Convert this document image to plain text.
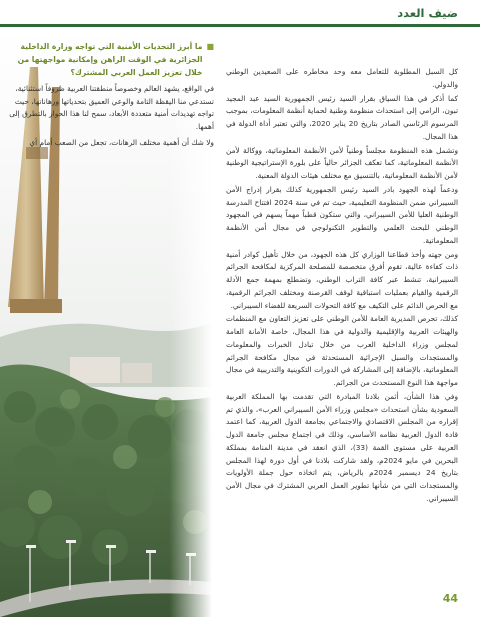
ضيف العدد
■
ما أبرز التحديات الأمنية التي تواجه وزارة الداخلية الجزائرية في الوقت الراهن وإمكانية مواجهتها من خلال تعزيز العمل العربي المشترك؟
في الواقع، يشهد العالم وخصوصاً منطقتنا العربية ظروفاً استثنائية، تستدعي منا اليقظة التامة والوعي العميق بتحدياتها ورهاناتها، حيث تواجه تهديدات أمنية متعددة الأبعاد، سمح لنا هذا الحوار بالتطرق إلى أهمها.
ولا شك أن أهمية مختلف الرهانات، تجعل من الصعب أمام أي

كل السبل المطلوبة للتعامل معه وحد مخاطره على الصعيدين الوطني والدولي.

كما أذكر في هذا السياق بقرار السيد رئيس الجمهورية السيد عبد المجيد تبون، الرامي إلى استحداث منظومة وطنية لحماية أنظمة المعلومات، بموجب المرسوم الرئاسي الصادر بتاريخ 20 يناير 2020، والتي تعتبر أداة الدولة في هذا المجال.

وتشمل هذه المنظومة مجلساً وطنياً لأمن الأنظمة المعلوماتية، ووكالة لأمن الأنظمة المعلوماتية، كما تعكف الجزائر حالياً على بلورة الإستراتيجية الوطنية لأمن الأنظمة المعلوماتية، بالتنسيق مع مختلف هيئات الدولة المعنية.

ودعماً لهذه الجهود بادر السيد رئيس الجمهورية كذلك بقرار إدراج الأمن السيبراني ضمن المنظومة التعليمية، حيث تم في سنة 2024 افتتاح المدرسة الوطنية العليا للأمن السيبراني، والتي ستكون قطباً مهماً يسهم في المجهود الوطني للبحث العلمي والتطوير التكنولوجي في مجال أمن الأنظمة المعلوماتية.

ومن جهته وأخذ قطاعنا الوزاري كل هذه الجهود، من خلال تأهيل كوادر أمنية ذات كفاءة عالية، تقوم أفرق متخصصة للمصلحة المركزية لمكافحة الجرائم السيبرانية، تنشط عبر كافة التراب الوطني، وتضطلع بمهمة جمع الأدلة الرقمية والقيام بعمليات استباقية لوقف القرصنة ومختلف الجرائم الرقمية، مع الحرص الدائم على التكيف مع كافة التحولات السريعة للفضاء السيبراني.

كذلك، تحرص المديرية العامة للأمن الوطني على تعزيز التعاون مع المنظمات والهيئات العربية والإقليمية والدولية في هذا المجال، خاصة الأمانة العامة لمجلس وزراء الداخلية العرب من خلال تبادل الخبرات والمعلومات والمستجدات والسبل الإجرائية المستحدثة في مجال مكافحة الجرائم المعلوماتية، بالإضافة إلى المشاركة في الدورات التكوينية والتدريبية في مجال مواجهة هذا النوع المستحدث من الجرائم.

وفي هذا الشأن، أثمن بلادنا المبادرة التي تقدمت بها المملكة العربية السعودية بشأن استحداث «مجلس وزراء الأمن السيبراني العرب»، والذي تم إقراره من المجلس الاقتصادي والاجتماعي بجامعة الدول العربية، كما اعتمد قادة الدول العربية نظامه الأساسي، وذلك في اجتماع مجلس جامعة الدول العربية على مستوى القمة (33)، الذي انعقد في مدينة المنامة بمملكة البحرين في مايو 2024م، ولقد شاركت بلادنا في أول دورة لهذا المجلس بتاريخ 24 ديسمبر 2024م بالرياض، يتم اتخاذه حول جملة الأولويات والمستجدات التي من شأنها تطوير العمل العربي المشترك في مجال الأمن السيبراني.

44
